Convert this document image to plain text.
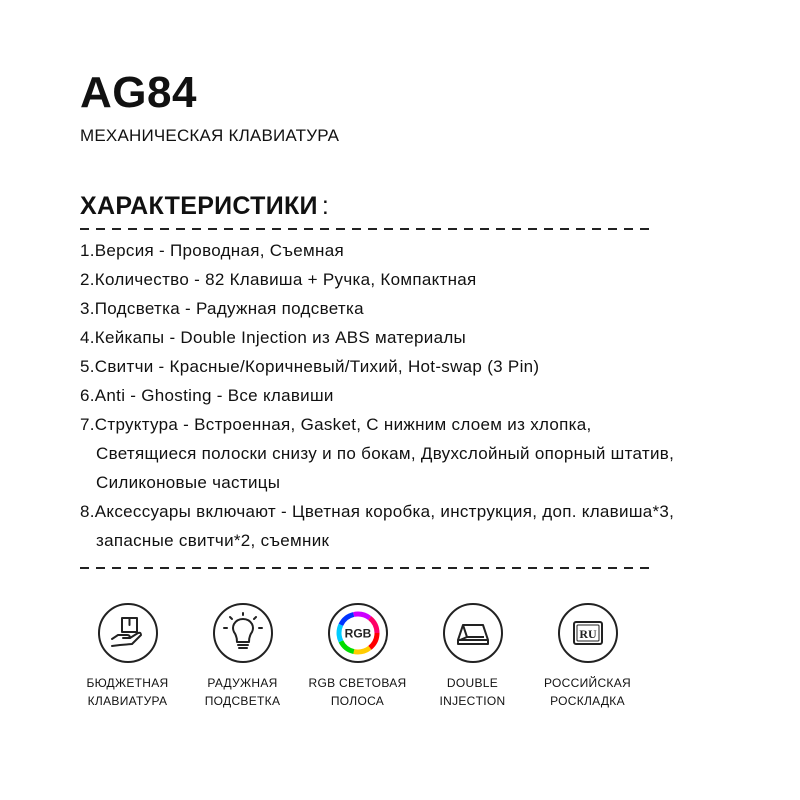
AG84
МЕХАНИЧЕСКАЯ КЛАВИАТУРА
ХАРАКТЕРИСТИКИ :
1.Версия - Проводная, Съемная
2.Количество - 82 Клавиша + Ручка, Компактная
3.Подсветка - Радужная подсветка
4.Кейкапы - Double Injection из ABS материалы
5.Свитчи - Красные/Коричневый/Тихий, Hot-swap (3 Pin)
6.Anti - Ghosting - Все клавиши
7.Структура - Встроенная, Gasket, С нижним слоем из хлопка, Светящиеся полоски снизу и по бокам, Двухслойный опорный штатив, Силиконовые частицы
8.Аксессуары включают - Цветная коробка, инструкция, доп. клавиша*3, запасные свитчи*2, съемник
БЮДЖЕТНАЯ
КЛАВИАТУРА
РАДУЖНАЯ
ПОДСВЕТКА
RGB
RGB СВЕТОВАЯ
ПОЛОСА
DOUBLE
INJECTION
RU
РОССИЙСКАЯ
РОСКЛАДКА
